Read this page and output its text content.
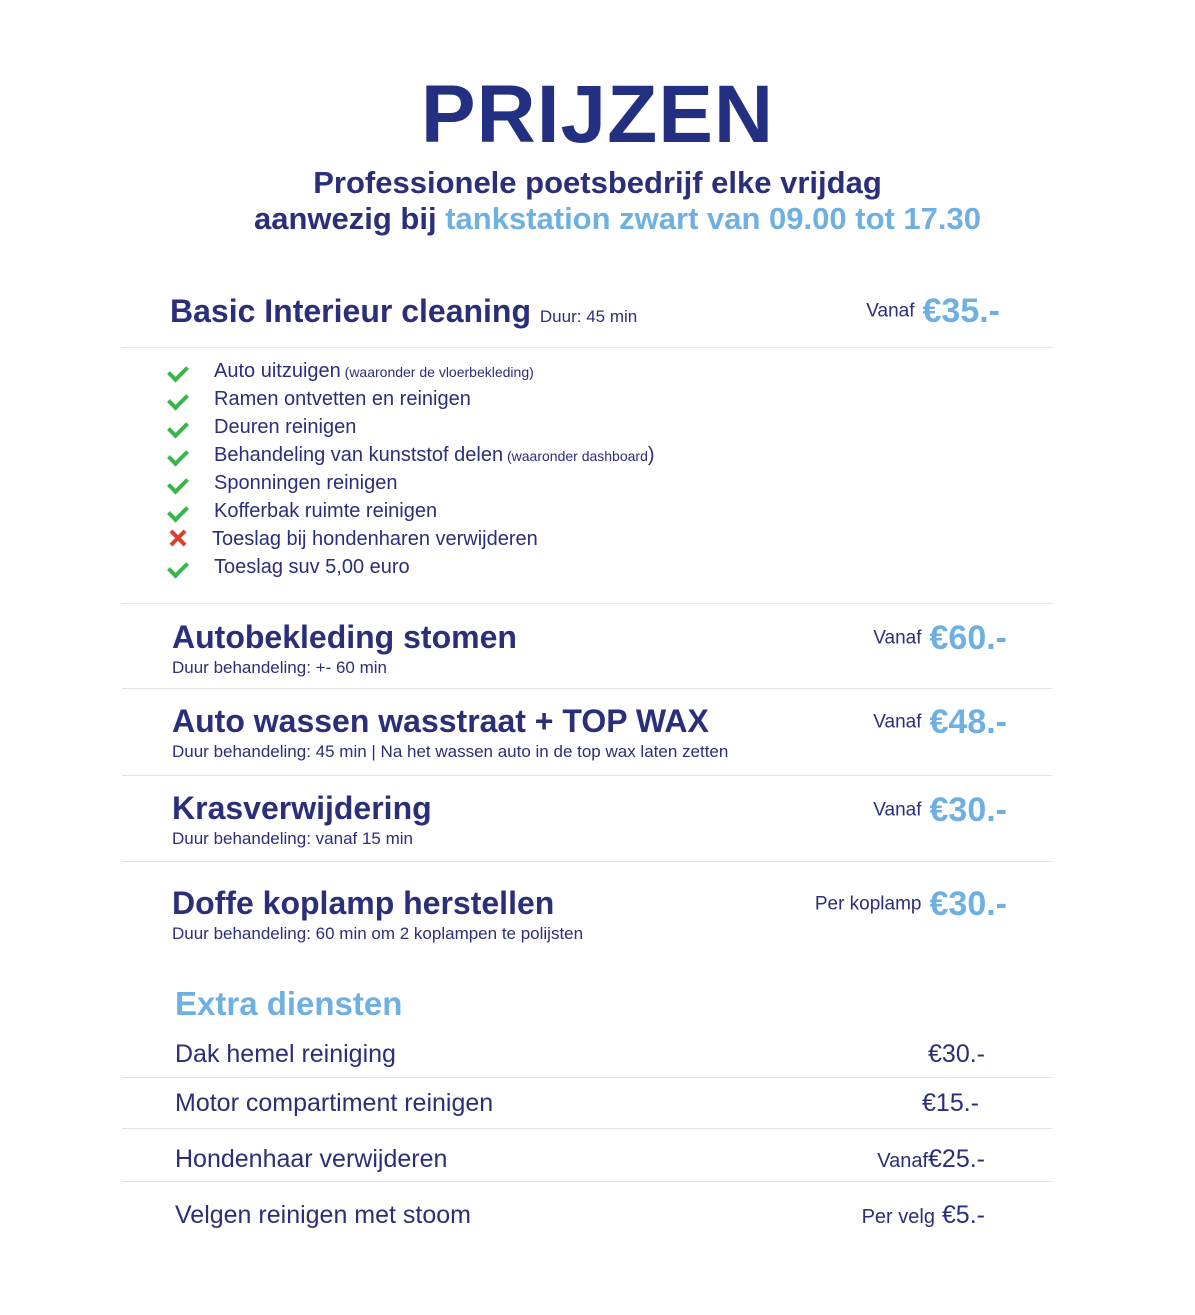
PRIJZEN
Professionele poetsbedrijf elke vrijdag
aanwezig bij tankstation zwart van 09.00 tot 17.30
Basic Interieur cleaning Duur: 45 min	Vanaf €35.-
Auto uitzuigen (waaronder de vloerbekleding)
Ramen ontvetten en reinigen
Deuren reinigen
Behandeling van kunststof delen (waaronder dashboard)
Sponningen reinigen
Kofferbak ruimte reinigen
Toeslag bij hondenharen verwijderen
Toeslag suv 5,00 euro
Autobekleding stomen
Duur behandeling: +- 60 min
Vanaf €60.-
Auto wassen wasstraat + TOP WAX
Duur behandeling: 45 min | Na het wassen auto in de top wax laten zetten
Vanaf €48.-
Krasverwijdering
Duur behandeling: vanaf 15 min
Vanaf €30.-
Doffe koplamp herstellen
Duur behandeling: 60 min om 2 koplampen te polijsten
Per koplamp €30.-
Extra diensten
Dak hemel reiniging	€30.-
Motor compartiment reinigen	€15.-
Hondenhaar verwijderen	Vanaf€25.-
Velgen reinigen met stoom	Per velg €5.-
